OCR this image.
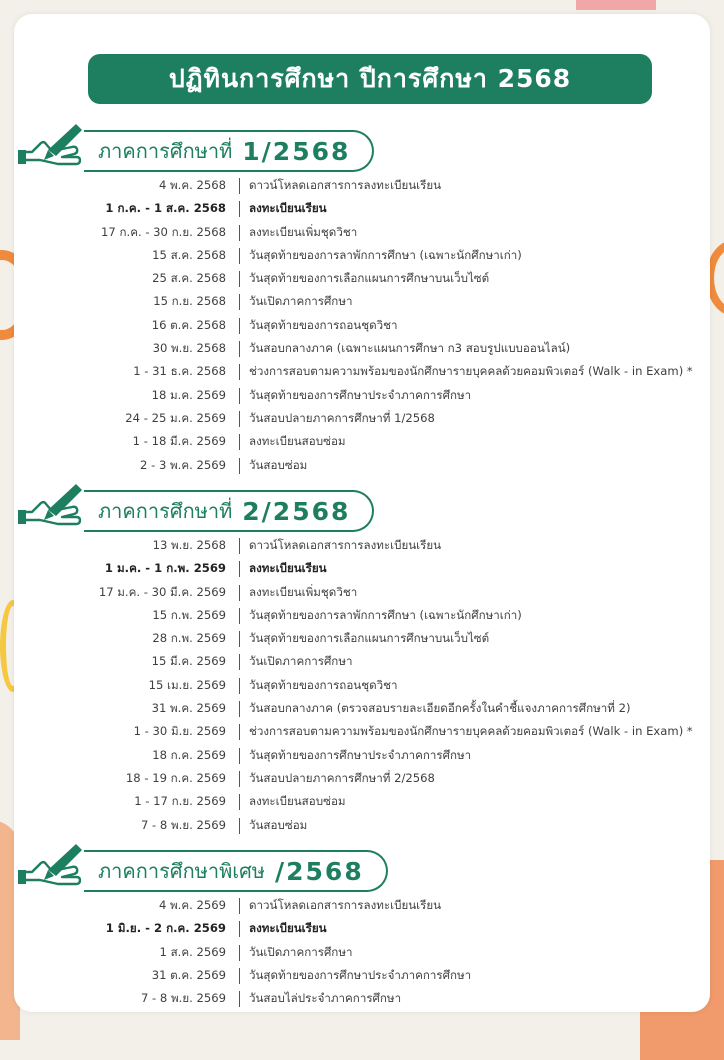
ปฏิทินการศึกษา ปีการศึกษา 2568
ภาคการศึกษาที่ 1/2568
4 พ.ค. 2568 ดาวน์โหลดเอกสารการลงทะเบียนเรียน
1 ก.ค. - 1 ส.ค. 2568 ลงทะเบียนเรียน
17 ก.ค. - 30 ก.ย. 2568 ลงทะเบียนเพิ่มชุดวิชา
15 ส.ค. 2568 วันสุดท้ายของการลาพักการศึกษา (เฉพาะนักศึกษาเก่า)
25 ส.ค. 2568 วันสุดท้ายของการเลือกแผนการศึกษาบนเว็บไซต์
15 ก.ย. 2568 วันเปิดภาคการศึกษา
16 ต.ค. 2568 วันสุดท้ายของการถอนชุดวิชา
30 พ.ย. 2568 วันสอบกลางภาค (เฉพาะแผนการศึกษา ก3 สอบรูปแบบออนไลน์)
1 - 31 ธ.ค. 2568 ช่วงการสอบตามความพร้อมของนักศึกษารายบุคคลด้วยคอมพิวเตอร์ (Walk - in Exam) *
18 ม.ค. 2569 วันสุดท้ายของการศึกษาประจำภาคการศึกษา
24 - 25 ม.ค. 2569 วันสอบปลายภาคการศึกษาที่ 1/2568
1 - 18 มี.ค. 2569 ลงทะเบียนสอบซ่อม
2 - 3 พ.ค. 2569 วันสอบซ่อม
ภาคการศึกษาที่ 2/2568
13 พ.ย. 2568 ดาวน์โหลดเอกสารการลงทะเบียนเรียน
1 ม.ค. - 1 ก.พ. 2569 ลงทะเบียนเรียน
17 ม.ค. - 30 มี.ค. 2569 ลงทะเบียนเพิ่มชุดวิชา
15 ก.พ. 2569 วันสุดท้ายของการลาพักการศึกษา (เฉพาะนักศึกษาเก่า)
28 ก.พ. 2569 วันสุดท้ายของการเลือกแผนการศึกษาบนเว็บไซต์
15 มี.ค. 2569 วันเปิดภาคการศึกษา
15 เม.ย. 2569 วันสุดท้ายของการถอนชุดวิชา
31 พ.ค. 2569 วันสอบกลางภาค (ตรวจสอบรายละเอียดอีกครั้งในคำชี้แจงภาคการศึกษาที่ 2)
1 - 30 มิ.ย. 2569 ช่วงการสอบตามความพร้อมของนักศึกษารายบุคคลด้วยคอมพิวเตอร์ (Walk - in Exam) *
18 ก.ค. 2569 วันสุดท้ายของการศึกษาประจำภาคการศึกษา
18 - 19 ก.ค. 2569 วันสอบปลายภาคการศึกษาที่ 2/2568
1 - 17 ก.ย. 2569 ลงทะเบียนสอบซ่อม
7 - 8 พ.ย. 2569 วันสอบซ่อม
ภาคการศึกษาพิเศษ /2568
4 พ.ค. 2569 ดาวน์โหลดเอกสารการลงทะเบียนเรียน
1 มิ.ย. - 2 ก.ค. 2569 ลงทะเบียนเรียน
1 ส.ค. 2569 วันเปิดภาคการศึกษา
31 ต.ค. 2569 วันสุดท้ายของการศึกษาประจำภาคการศึกษา
7 - 8 พ.ย. 2569 วันสอบไล่ประจำภาคการศึกษา
